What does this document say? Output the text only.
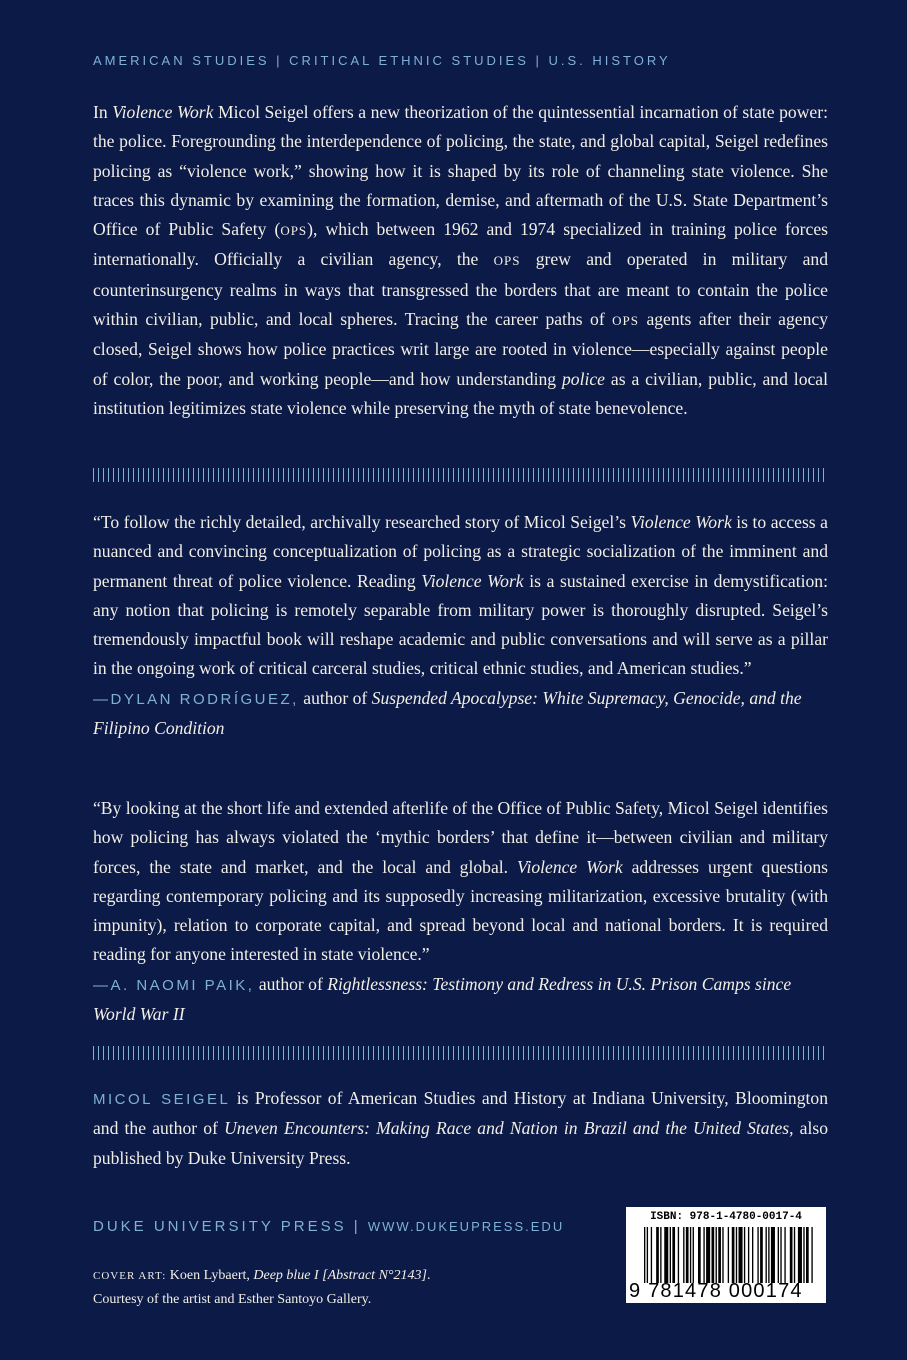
AMERICAN STUDIES | CRITICAL ETHNIC STUDIES | U.S. HISTORY

In Violence Work Micol Seigel offers a new theorization of the quintessential incarnation of state power: the police. Foregrounding the interdependence of policing, the state, and global capital, Seigel redefines policing as “violence work,” showing how it is shaped by its role of channeling state violence. She traces this dynamic by examining the formation, demise, and aftermath of the U.S. State Department’s Office of Public Safety (OPS), which between 1962 and 1974 specialized in training police forces internationally. Officially a civilian agency, the OPS grew and operated in military and counterinsurgency realms in ways that transgressed the borders that are meant to contain the police within civilian, public, and local spheres. Tracing the career paths of OPS agents after their agency closed, Seigel shows how police practices writ large are rooted in violence—especially against people of color, the poor, and working people—and how understanding police as a civilian, public, and local institution legitimizes state violence while preserving the myth of state benevolence.

“To follow the richly detailed, archivally researched story of Micol Seigel’s Violence Work is to access a nuanced and convincing conceptualization of policing as a strategic socialization of the imminent and permanent threat of police violence. Reading Violence Work is a sustained exercise in demystification: any notion that policing is remotely separable from military power is thoroughly disrupted. Seigel’s tremendously impactful book will reshape academic and public conversations and will serve as a pillar in the ongoing work of critical carceral studies, critical ethnic studies, and American studies.”

—DYLAN RODRÍGUEZ, author of Suspended Apocalypse: White Supremacy, Genocide, and the Filipino Condition

“By looking at the short life and extended afterlife of the Office of Public Safety, Micol Seigel identifies how policing has always violated the ‘mythic borders’ that define it—between civilian and military forces, the state and market, and the local and global. Violence Work addresses urgent questions regarding contemporary policing and its supposedly increasing militarization, excessive brutality (with impunity), relation to corporate capital, and spread beyond local and national borders. It is required reading for anyone interested in state violence.”

—A. NAOMI PAIK, author of Rightlessness: Testimony and Redress in U.S. Prison Camps since World War II

MICOL SEIGEL is Professor of American Studies and History at Indiana University, Bloomington and the author of Uneven Encounters: Making Race and Nation in Brazil and the United States, also published by Duke University Press.

DUKE UNIVERSITY PRESS | WWW.DUKEUPRESS.EDU
COVER ART: Koen Lybaert, Deep blue I [Abstract N°2143].
Courtesy of the artist and Esther Santoyo Gallery.
ISBN: 978-1-4780-0017-4
9 781478 000174
